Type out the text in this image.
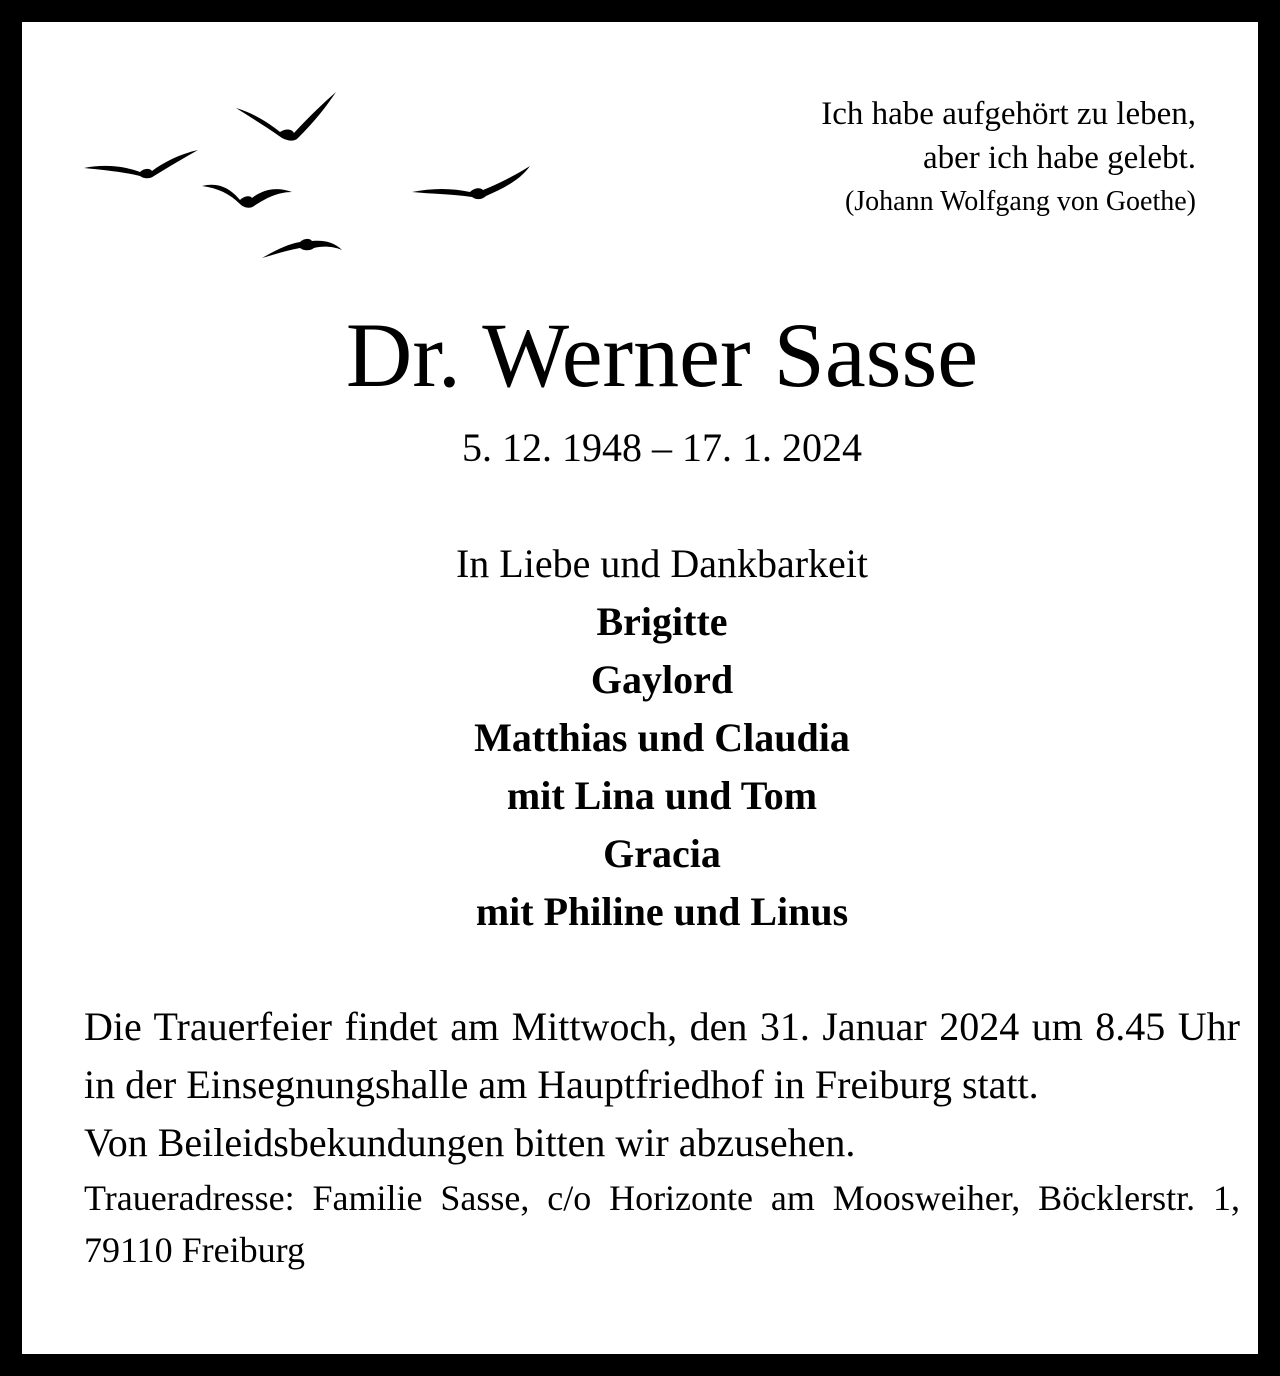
Ich habe aufgehört zu leben,
aber ich habe gelebt.
(Johann Wolfgang von Goethe)
Dr. Werner Sasse
5. 12. 1948 – 17. 1. 2024
In Liebe und Dankbarkeit
Brigitte
Gaylord
Matthias und Claudia
mit Lina und Tom
Gracia
mit Philine und Linus
Die Trauerfeier findet am Mittwoch, den 31. Januar 2024 um 8.45 Uhr in der Einsegnungshalle am Hauptfriedhof in Freiburg statt.
Von Beileidsbekundungen bitten wir abzusehen.
Traueradresse: Familie Sasse, c/o Horizonte am Moosweiher, Böcklerstr. 1, 79110 Freiburg
